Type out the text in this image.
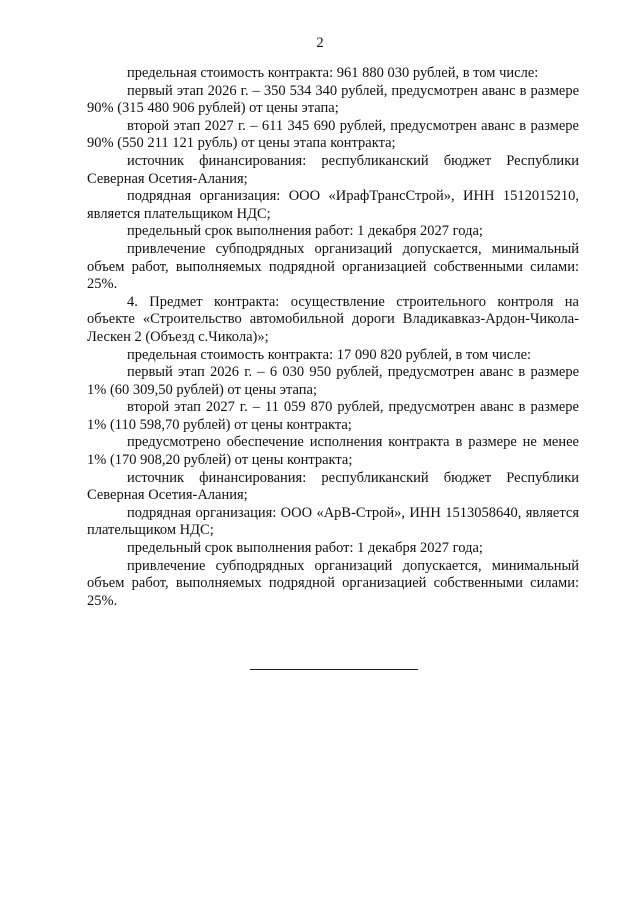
2

предельная стоимость контракта: 961 880 030 рублей, в том числе:

первый этап 2026 г. – 350 534 340 рублей, предусмотрен аванс в размере 90% (315 480 906 рублей) от цены этапа;

второй этап 2027 г. – 611 345 690 рублей, предусмотрен аванс в размере 90% (550 211 121 рубль) от цены этапа контракта;

источник финансирования: республиканский бюджет Республики Северная Осетия-Алания;

подрядная организация: ООО «ИрафТрансСтрой», ИНН 1512015210, является плательщиком НДС;

предельный срок выполнения работ: 1 декабря 2027 года;

привлечение субподрядных организаций допускается, минимальный объем работ, выполняемых подрядной организацией собственными силами: 25%.

4. Предмет контракта: осуществление строительного контроля на объекте «Строительство автомобильной дороги Владикавказ-Ардон-Чикола-Лескен 2 (Объезд с.Чикола)»;

предельная стоимость контракта: 17 090 820 рублей, в том числе:

первый этап 2026 г. – 6 030 950 рублей, предусмотрен аванс в размере 1% (60 309,50 рублей) от цены этапа;

второй этап 2027 г. – 11 059 870 рублей, предусмотрен аванс в размере 1% (110 598,70 рублей) от цены контракта;

предусмотрено обеспечение исполнения контракта в размере не менее 1% (170 908,20 рублей) от цены контракта;

источник финансирования: республиканский бюджет Республики Северная Осетия-Алания;

подрядная организация: ООО «АрВ-Строй», ИНН 1513058640, является плательщиком НДС;

предельный срок выполнения работ: 1 декабря 2027 года;

привлечение субподрядных организаций допускается, минимальный объем работ, выполняемых подрядной организацией собственными силами: 25%.
